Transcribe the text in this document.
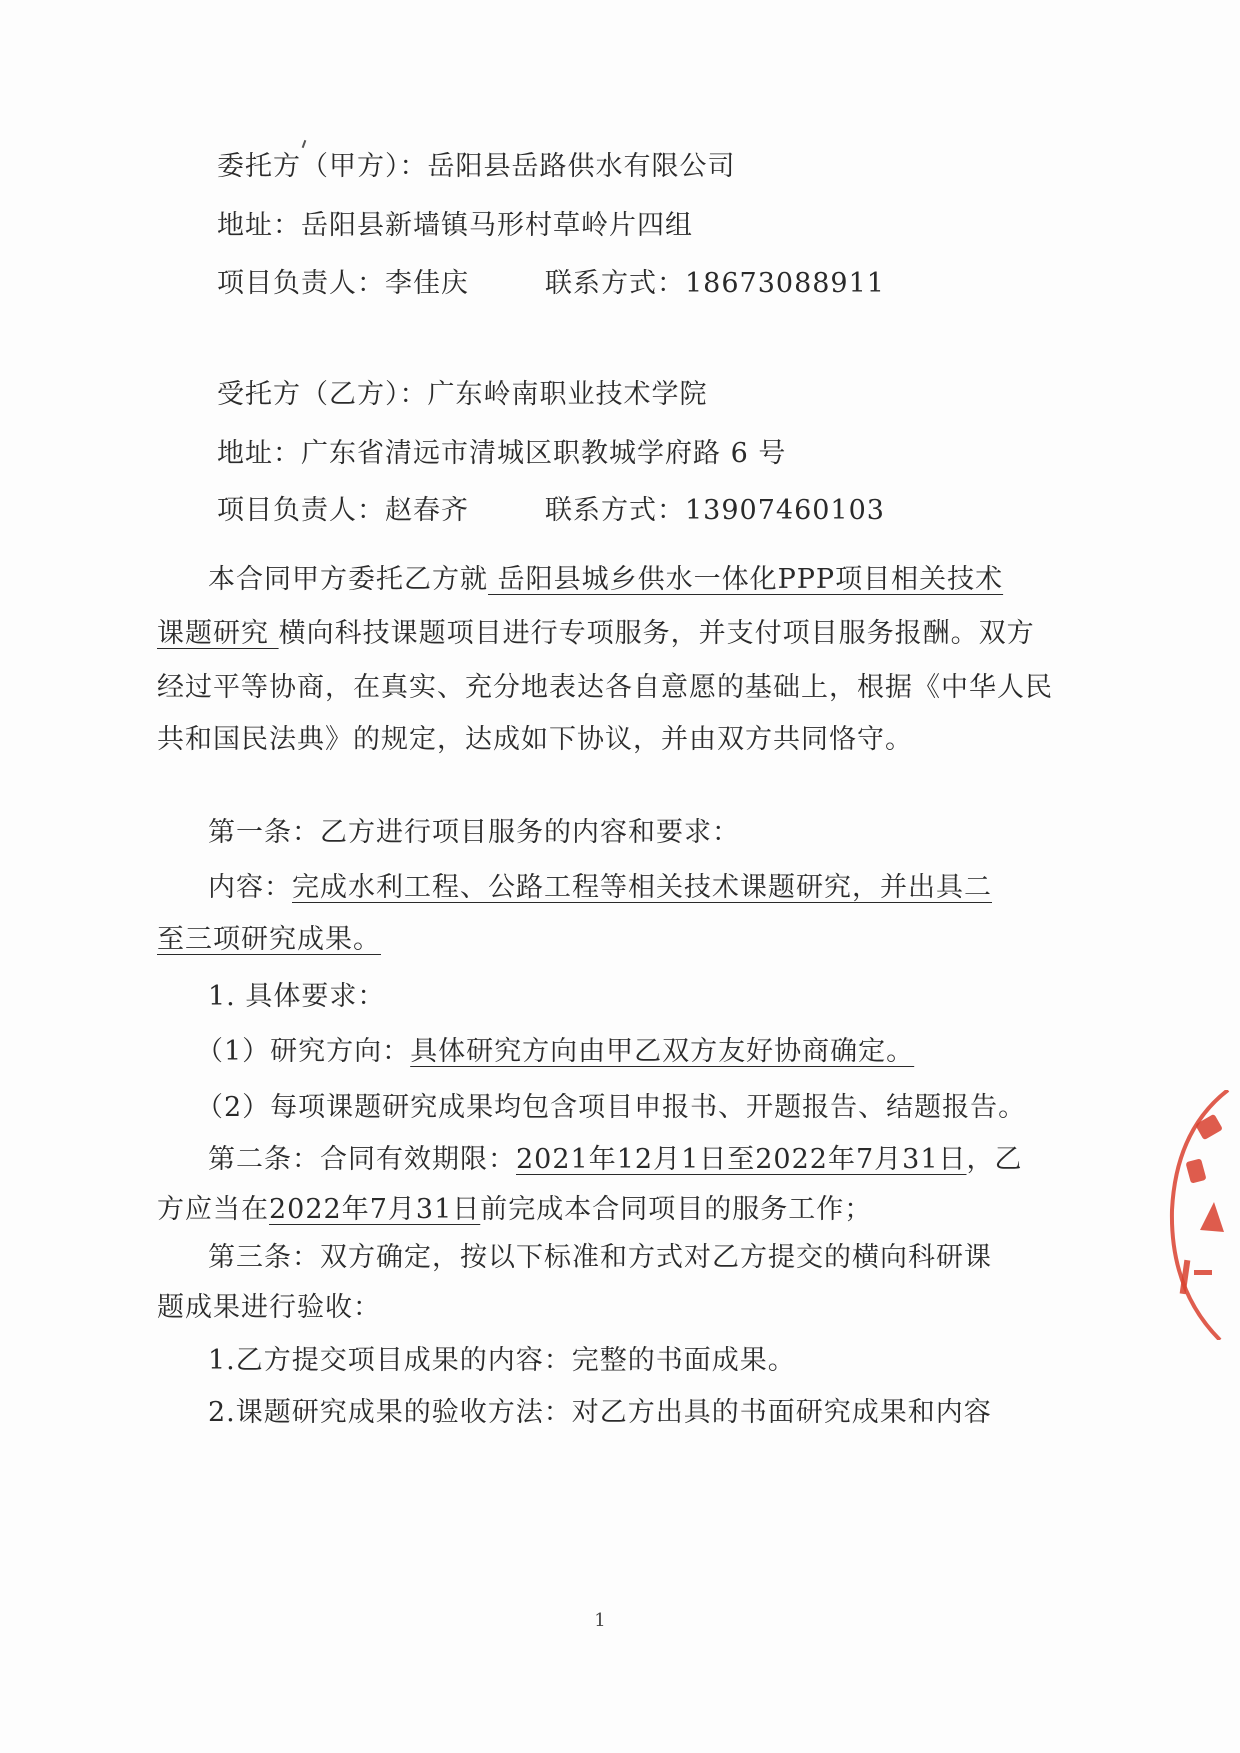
委托方（甲方）：岳阳县岳路供水有限公司
地址：岳阳县新墙镇马形村草岭片四组
项目负责人：李佳庆	联系方式：18673088911
受托方（乙方）：广东岭南职业技术学院
地址：广东省清远市清城区职教城学府路 6 号
项目负责人：赵春齐	联系方式：13907460103
本合同甲方委托乙方就 岳阳县城乡供水一体化PPP项目相关技术
课题研究 横向科技课题项目进行专项服务，并支付项目服务报酬。双方
经过平等协商，在真实、充分地表达各自意愿的基础上，根据《中华人民
共和国民法典》的规定，达成如下协议，并由双方共同恪守。
第一条：乙方进行项目服务的内容和要求：
内容：完成水利工程、公路工程等相关技术课题研究，并出具二
至三项研究成果。
1. 具体要求：
（1）研究方向：具体研究方向由甲乙双方友好协商确定。
（2）每项课题研究成果均包含项目申报书、开题报告、结题报告。
第二条：合同有效期限：2021年12月1日至2022年7月31日，乙
方应当在2022年7月31日前完成本合同项目的服务工作；
第三条：双方确定，按以下标准和方式对乙方提交的横向科研课
题成果进行验收：
1.乙方提交项目成果的内容：完整的书面成果。
2.课题研究成果的验收方法：对乙方出具的书面研究成果和内容
1
